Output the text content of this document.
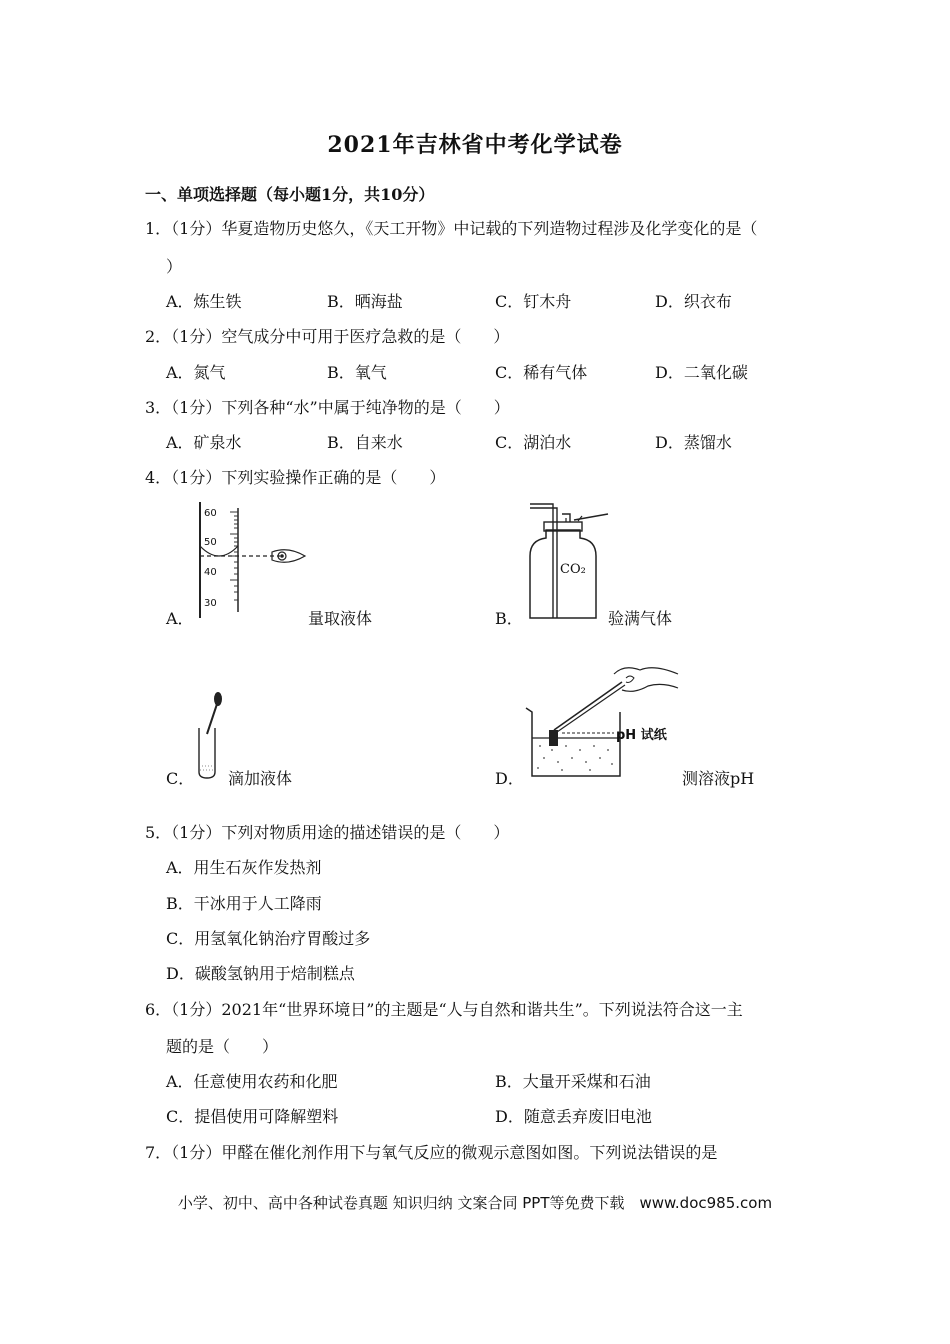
2021年吉林省中考化学试卷
一、单项选择题（每小题1分，共10分）
1．（1分）华夏造物历史悠久，《天工开物》中记载的下列造物过程涉及化学变化的是（
）
A．炼生铁	B．晒海盐	C．钉木舟	D．织衣布
2．（1分）空气成分中可用于医疗急救的是（　　）
A．氮气	B．氧气	C．稀有气体	D．二氧化碳
3．（1分）下列各种“水”中属于纯净物的是（　　）
A．矿泉水	B．自来水	C．湖泊水	D．蒸馏水
4．（1分）下列实验操作正确的是（　　）
60
50
40
30
A．	量取液体
CO₂
B．	验满气体
C． 滴加液体
pH 试纸
D．	测溶液pH
5．（1分）下列对物质用途的描述错误的是（　　）
A．用生石灰作发热剂
B．干冰用于人工降雨
C．用氢氧化钠治疗胃酸过多
D．碳酸氢钠用于焙制糕点
6．（1分）2021年“世界环境日”的主题是“人与自然和谐共生”。下列说法符合这一主
题的是（　　）
A．任意使用农药和化肥	B．大量开采煤和石油
C．提倡使用可降解塑料	D．随意丢弃废旧电池
7．（1分）甲醛在催化剂作用下与氧气反应的微观示意图如图。下列说法错误的是
小学、初中、高中各种试卷真题 知识归纳 文案合同 PPT等免费下载　www.doc985.com
